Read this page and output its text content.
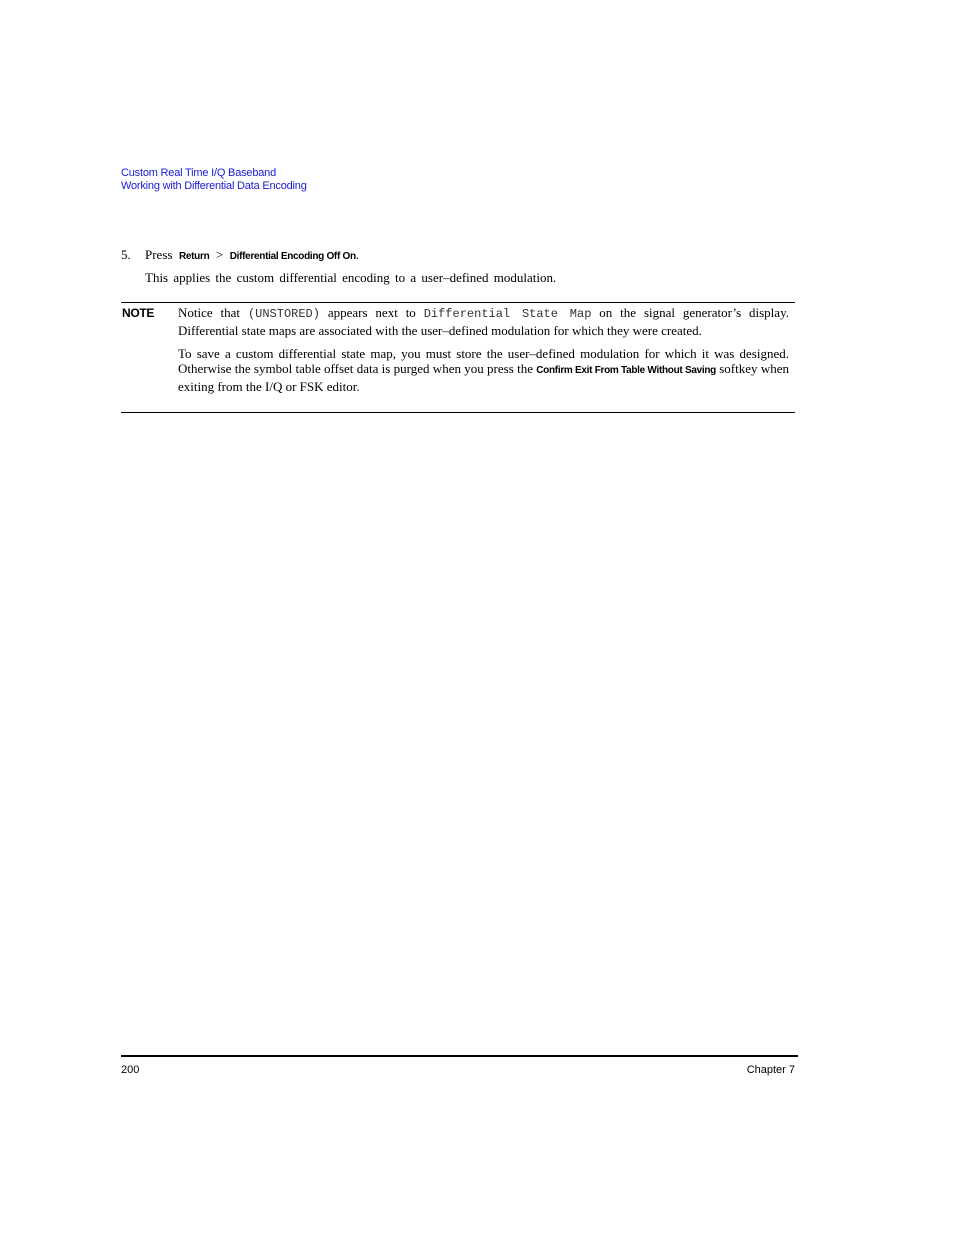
Custom Real Time I/Q Baseband
Working with Differential Data Encoding
5. Press Return > Differential Encoding Off On.
This applies the custom differential encoding to a user–defined modulation.
NOTE Notice that (UNSTORED) appears next to Differential State Map on the signal generator’s display. Differential state maps are associated with the user–defined modulation for which they were created.

To save a custom differential state map, you must store the user–defined modulation for which it was designed. Otherwise the symbol table offset data is purged when you press the Confirm Exit From Table Without Saving softkey when exiting from the I/Q or FSK editor.

200	Chapter 7
